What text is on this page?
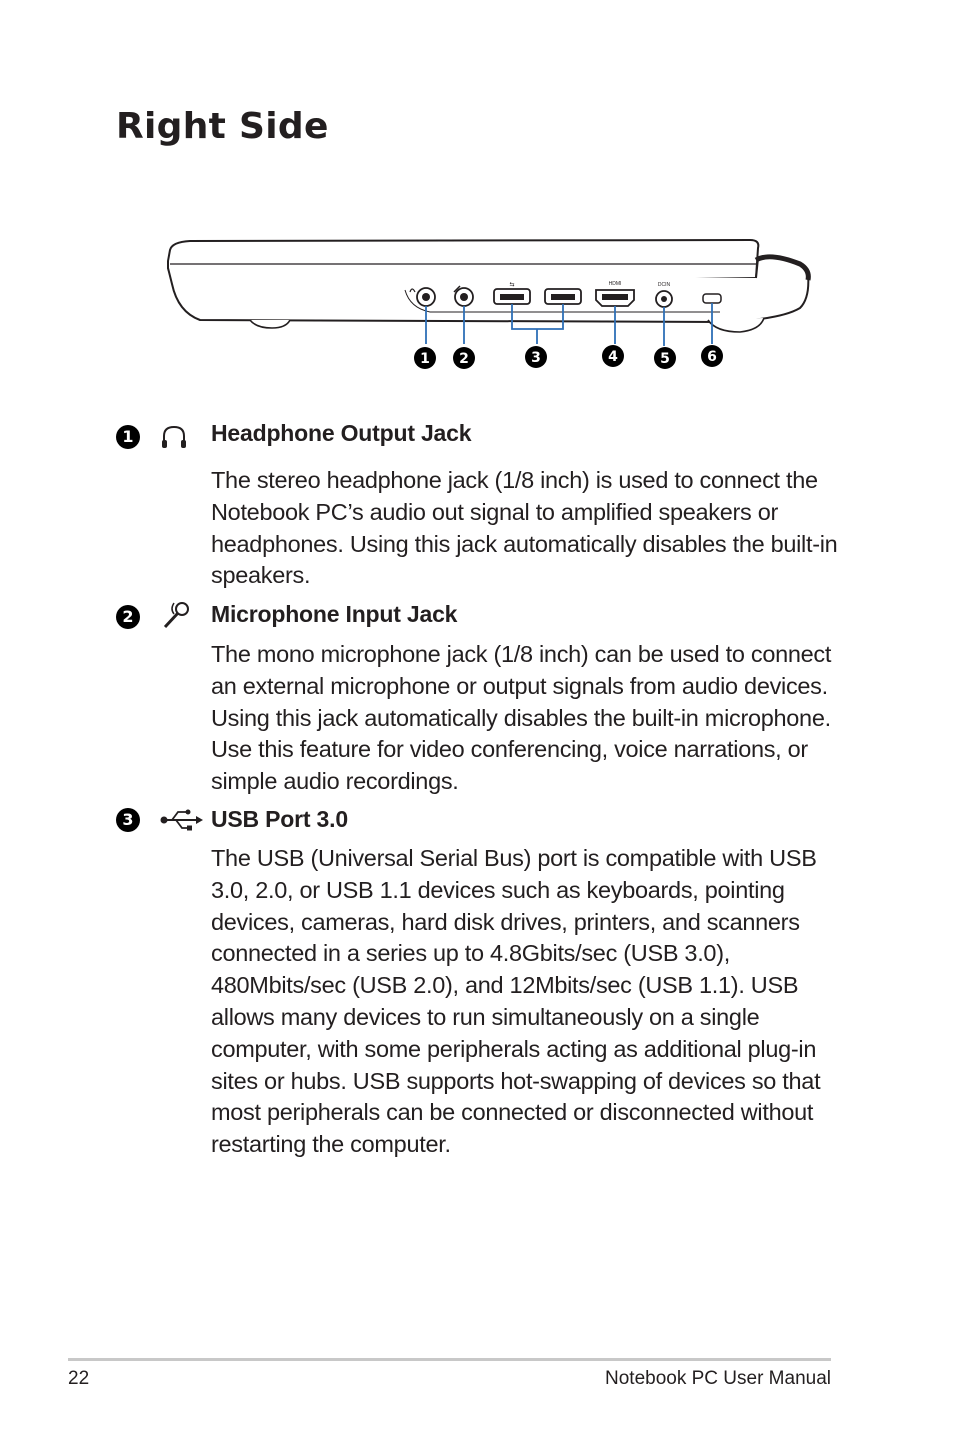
Right Side
⇆	HDMI	DCIN
1 2	3	4	5	6
1	Headphone Output Jack

The stereo headphone jack (1/8 inch) is used to connect the Notebook PC’s audio out signal to amplified speakers or headphones. Using this jack automatically disables the built-in speakers.

2	Microphone Input Jack

The mono microphone jack (1/8 inch) can be used to connect an external microphone or output signals from audio devices. Using this jack automatically disables the built-in microphone. Use this feature for video conferencing, voice narrations, or simple audio recordings.

3	USB Port 3.0

The USB (Universal Serial Bus) port is compatible with USB 3.0, 2.0, or USB 1.1 devices such as keyboards, pointing devices, cameras, hard disk drives, printers, and scanners connected in a series up to 4.8Gbits/sec (USB 3.0), 480Mbits/sec (USB 2.0), and 12Mbits/sec (USB 1.1). USB allows many devices to run simultaneously on a single computer, with some peripherals acting as additional plug-in sites or hubs. USB supports hot-swapping of devices so that most peripherals can be connected or disconnected without restarting the computer.

22	Notebook PC User Manual
